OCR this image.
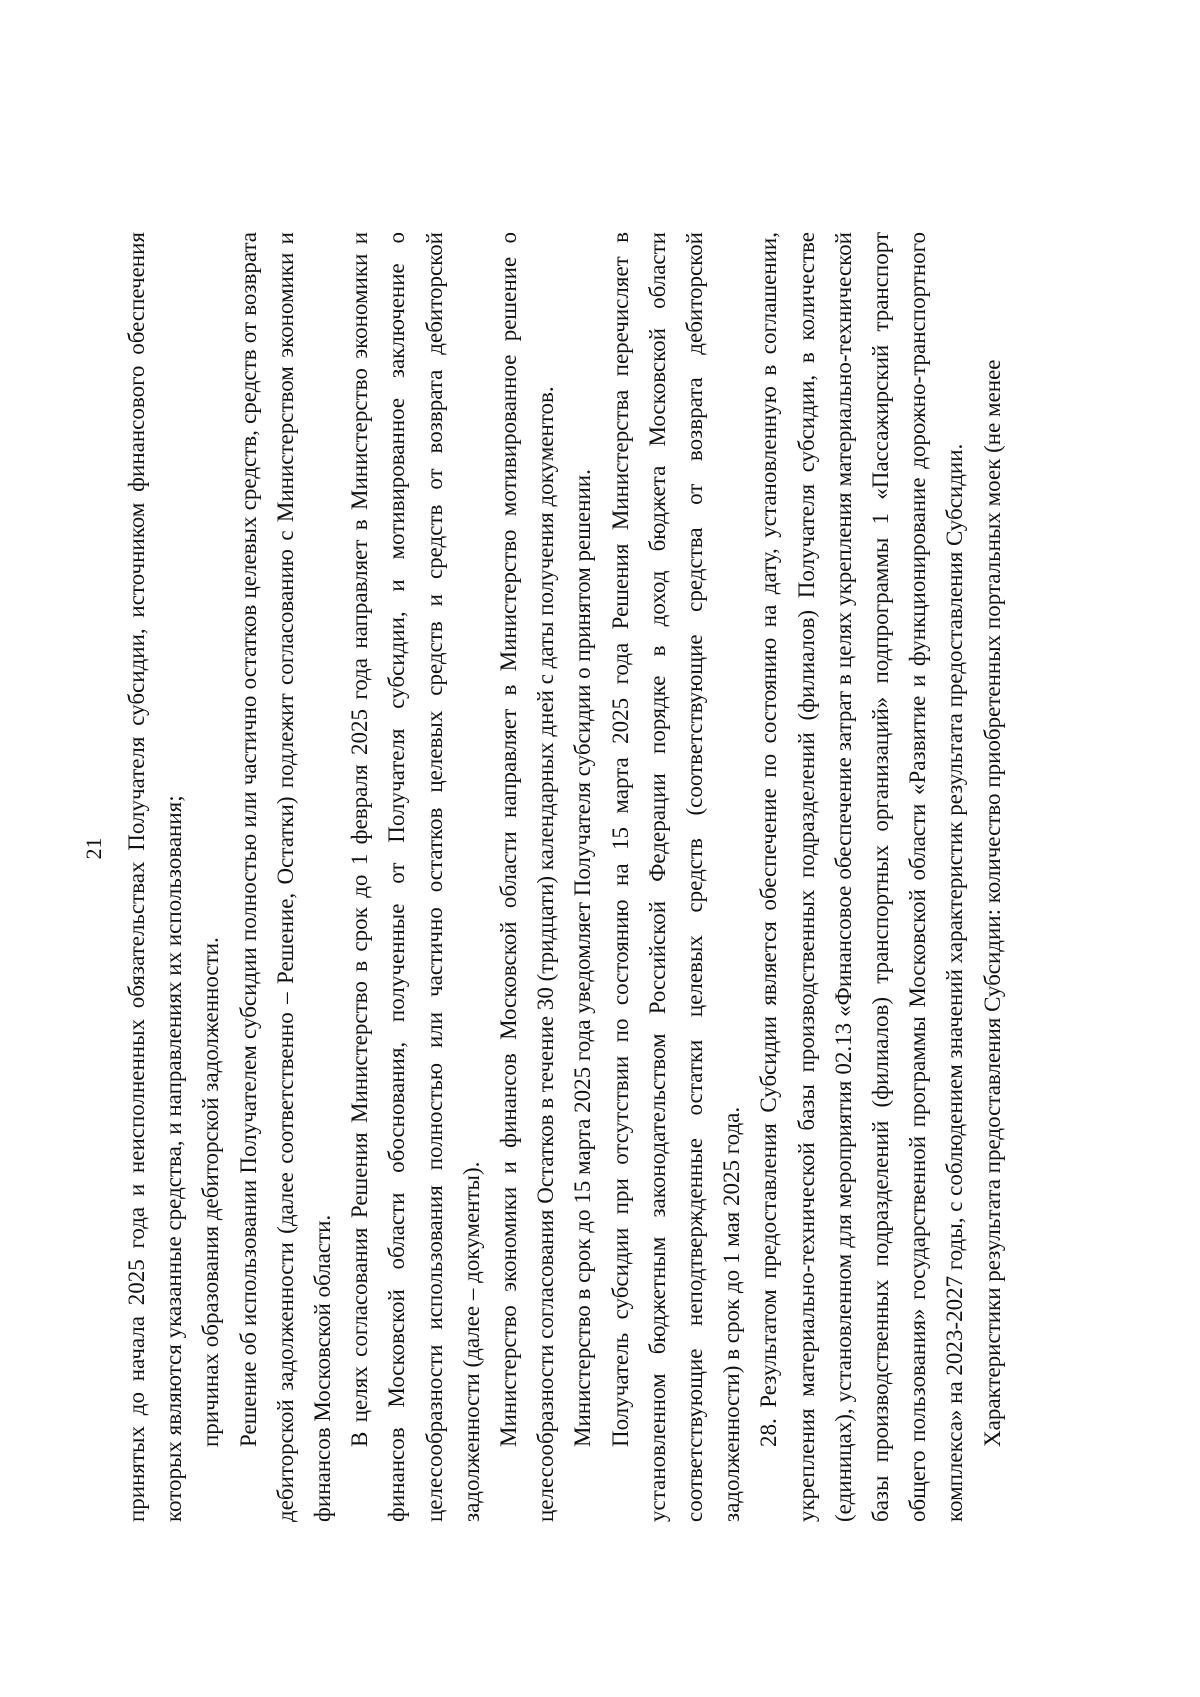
21 принятых до начала 2025 года и неисполненных обязательствах Получателя субсидии, источником финансового обеспечения которых являются указанные средства, и направлениях их использования; причинах образования дебиторской задолженности. Решение об использовании Получателем субсидии полностью или частично остатков целевых средств, средств от возврата дебиторской задолженности (далее соответственно – Решение, Остатки) подлежит согласованию с Министерством экономики и финансов Московской области. В целях согласования Решения Министерство в срок до 1 февраля 2025 года направляет в Министерство экономики и финансов Московской области обоснования, полученные от Получателя субсидии, и мотивированное заключение о целесообразности использования полностью или частично остатков целевых средств и средств от возврата дебиторской задолженности (далее – документы). Министерство экономики и финансов Московской области направляет в Министерство мотивированное решение о целесообразности согласования Остатков в течение 30 (тридцати) календарных дней с даты получения документов. Министерство в срок до 15 марта 2025 года уведомляет Получателя субсидии о принятом решении. Получатель субсидии при отсутствии по состоянию на 15 марта 2025 года Решения Министерства перечисляет в установленном бюджетным законодательством Российской Федерации порядке в доход бюджета Московской области соответствующие неподтвержденные остатки целевых средств (соответствующие средства от возврата дебиторской задолженности) в срок до 1 мая 2025 года. 28. Результатом предоставления Субсидии является обеспечение по состоянию на дату, установленную в соглашении, укрепления материально-технической базы производственных подразделений (филиалов) Получателя субсидии, в количестве (единицах), установленном для мероприятия 02.13 «Финансовое обеспечение затрат в целях укрепления материально-технической базы производственных подразделений (филиалов) транспортных организаций» подпрограммы 1 «Пассажирский транспорт общего пользования» государственной программы Московской области «Развитие и функционирование дорожно-транспортного комплекса» на 2023-2027 годы, с соблюдением значений характеристик результата предоставления Субсидии. Характеристики результата предоставления Субсидии: количество приобретенных портальных моек (не менее
